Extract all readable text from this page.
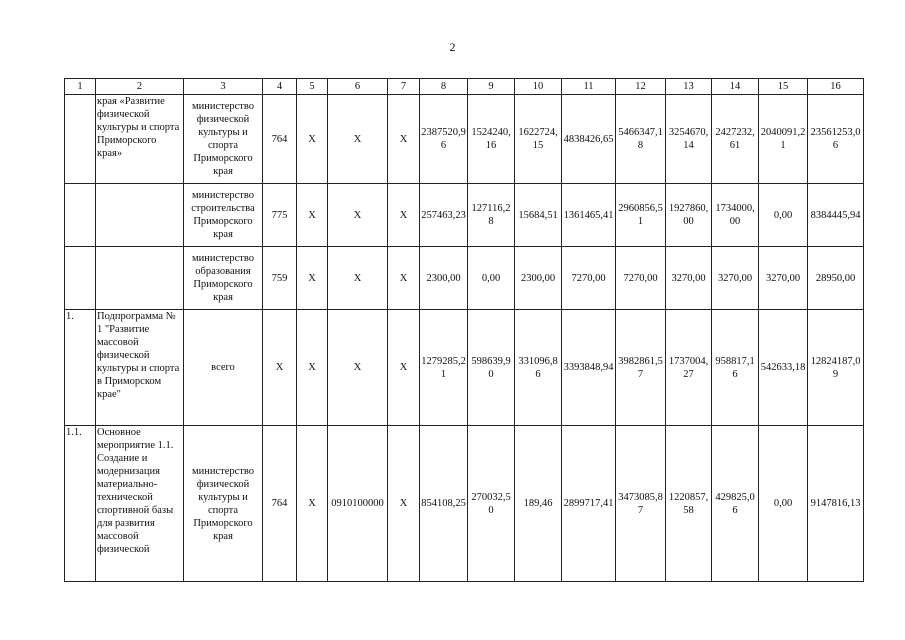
2
1	2	3	4	5	6	7	8	9	10	11	12	13	14	15	16
	края «Развитие физической культуры и спорта Приморского края»	министерство физической культуры и спорта Приморского края	764	X	X	X	2387520,96	1524240,16	1622724,15	4838426,65	5466347,18	3254670,14	2427232,61	2040091,21	23561253,06
		министерство строительства Приморского края	775	X	X	X	257463,23	127116,28	15684,51	1361465,41	2960856,51	1927860,00	1734000,00	0,00	8384445,94
		министерство образования Приморского края	759	X	X	X	2300,00	0,00	2300,00	7270,00	7270,00	3270,00	3270,00	3270,00	28950,00
1.	Подпрограмма № 1 "Развитие массовой физической культуры и спорта в Приморском крае"	всего	X	X	X	X	1279285,21	598639,90	331096,86	3393848,94	3982861,57	1737004,27	958817,16	542633,18	12824187,09
1.1.	Основное мероприятие 1.1. Создание и модернизация материально-технической спортивной базы для развития массовой физической	министерство физической культуры и спорта Приморского края	764	X	0910100000	X	854108,25	270032,50	189,46	2899717,41	3473085,87	1220857,58	429825,06	0,00	9147816,13
